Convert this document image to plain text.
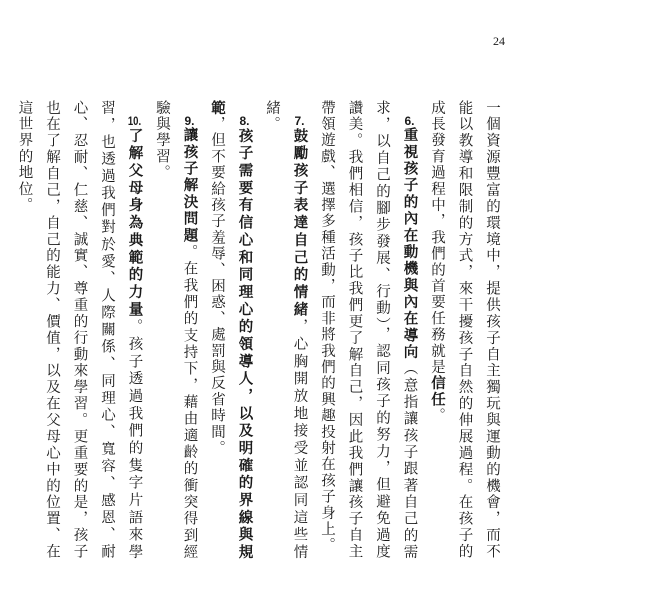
24

一個資源豐富的環境中，提供孩子自主獨玩與運動的機會，而不能以教導和限制的方式，來干擾孩子自然的伸展過程。在孩子的成長發育過程中，我們的首要任務就是信任。

6.重視孩子的內在動機與內在導向（意指讓孩子跟著自己的需求，以自己的腳步發展、行動），認同孩子的努力，但避免過度讚美。我們相信，孩子比我們更了解自己，因此我們讓孩子自主帶領遊戲、選擇多種活動，而非將我們的興趣投射在孩子身上。

7.鼓勵孩子表達自己的情緒，心胸開放地接受並認同這些情緒。

8.孩子需要有信心和同理心的領導人，以及明確的界線與規範，但不要給孩子羞辱、困惑、處罰與反省時間。

9.讓孩子解決問題。在我們的支持下，藉由適齡的衝突得到經驗與學習。

10.了解父母身為典範的力量。孩子透過我們的隻字片語來學習，也透過我們對於愛、人際關係、同理心、寬容、感恩、耐心、忍耐、仁慈、誠實、尊重的行動來學習。更重要的是，孩子也在了解自己，自己的能力、價值，以及在父母心中的位置、在這世界的地位。
